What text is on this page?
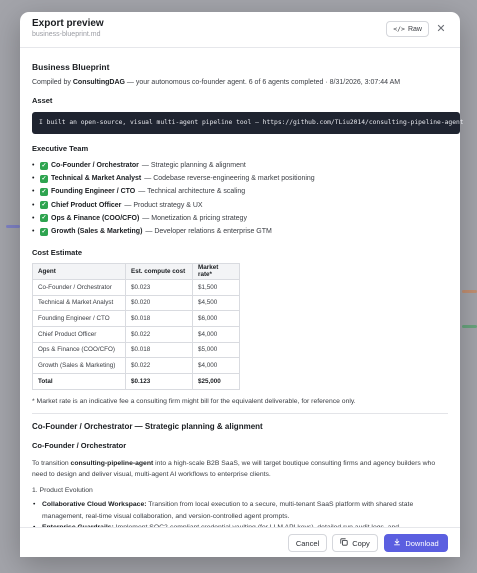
Export preview
business-blueprint.md
</> Raw ✕
Business Blueprint
Compiled by ConsultingDAG — your autonomous co-founder agent. 6 of 6 agents completed · 8/31/2026, 3:07:44 AM
Asset
I built an open-source, visual multi-agent pipeline tool — https://github.com/TLiu2014/consulting-pipeline-agent
Executive Team
•	✓ Co-Founder / Orchestrator — Strategic planning & alignment
•	✓ Technical & Market Analyst — Codebase reverse-engineering & market positioning
•	✓ Founding Engineer / CTO — Technical architecture & scaling
•	✓ Chief Product Officer — Product strategy & UX
•	✓ Ops & Finance (COO/CFO) — Monetization & pricing strategy
•	✓ Growth (Sales & Marketing) — Developer relations & enterprise GTM
Cost Estimate
Agent	Est. compute cost	Market rate*
Co-Founder / Orchestrator	$0.023	$1,500
Technical & Market Analyst	$0.020	$4,500
Founding Engineer / CTO	$0.018	$6,000
Chief Product Officer	$0.022	$4,000
Ops & Finance (COO/CFO)	$0.018	$5,000
Growth (Sales & Marketing)	$0.022	$4,000
Total	$0.123	$25,000
* Market rate is an indicative fee a consulting firm might bill for the equivalent deliverable, for reference only.
Co-Founder / Orchestrator — Strategic planning & alignment
Co-Founder / Orchestrator
To transition consulting-pipeline-agent into a high-scale B2B SaaS, we will target boutique consulting firms and agency builders who need to design and deliver visual, multi-agent AI workflows to enterprise clients.
1. Product Evolution
• Collaborative Cloud Workspace: Transition from local execution to a secure, multi-tenant SaaS platform with shared state management, real-time visual collaboration, and version-controlled agent prompts.
•
Cancel	Copy	Download
